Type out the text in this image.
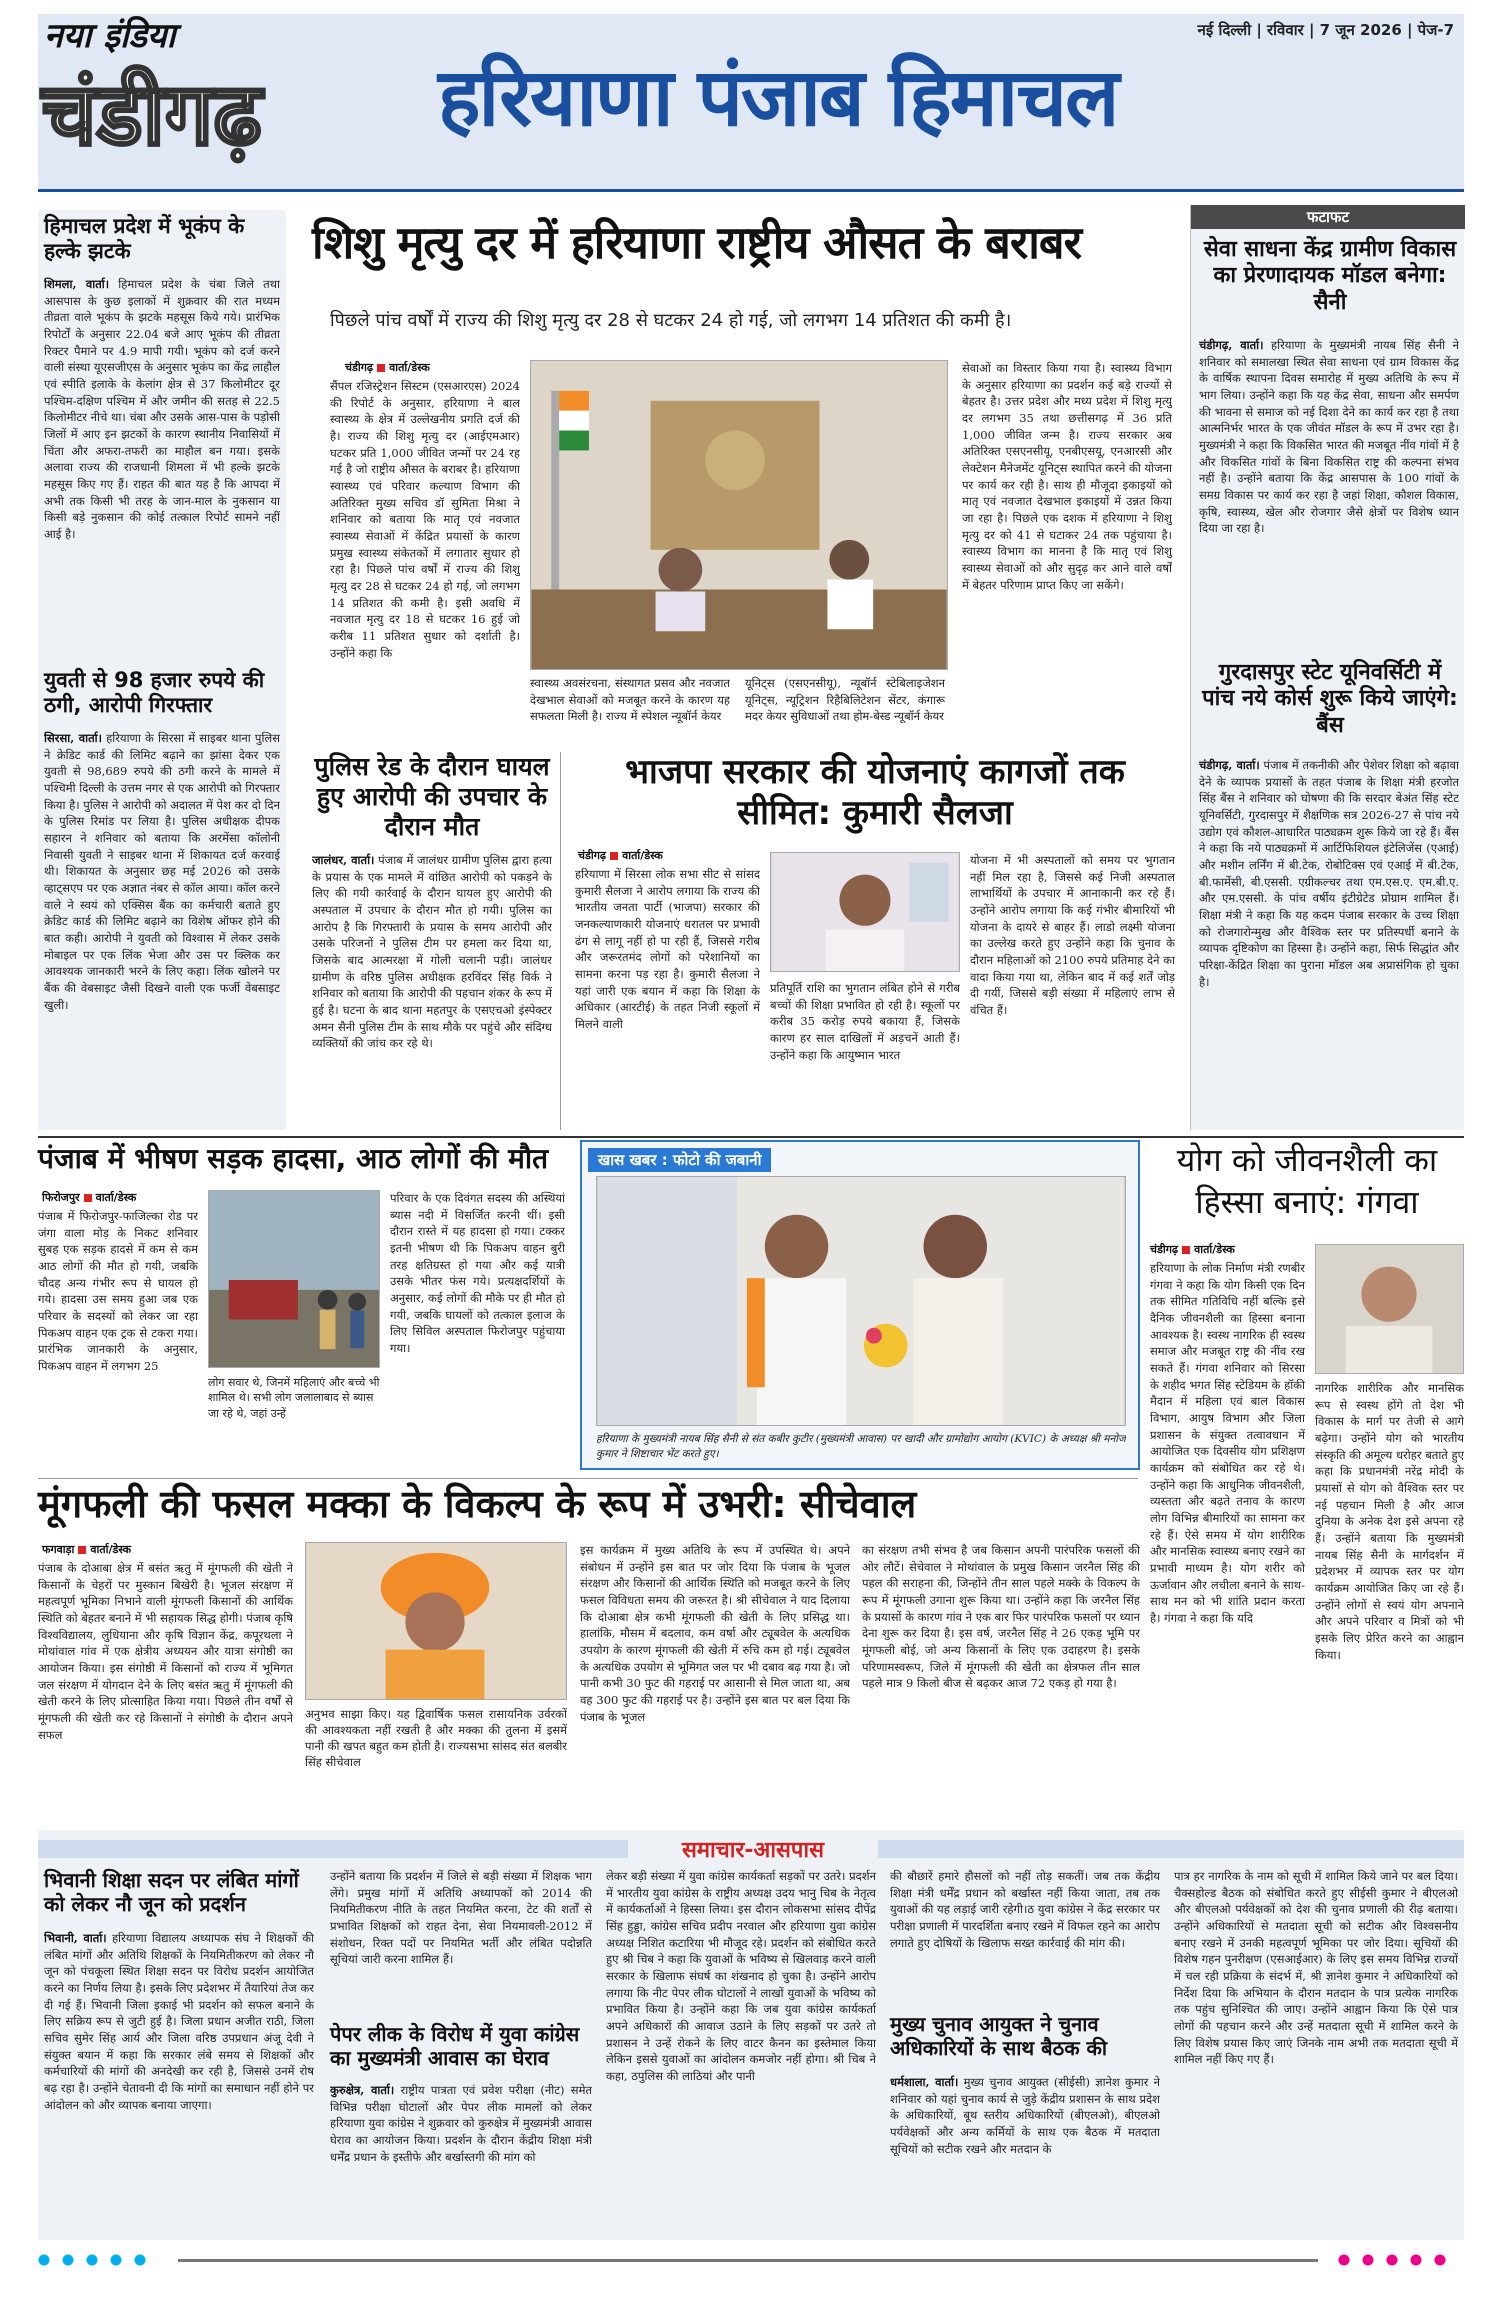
नया इंडिया
चंडीगढ़ हरियाणा पंजाब हिमाचल
नई दिल्ली | रविवार | 7 जून 2026 | पेज-7
हिमाचल प्रदेश में भूकंप के हल्के झटके
शिमला, वार्ता। हिमाचल प्रदेश के चंबा जिले तथा आसपास के कुछ इलाकों में शुक्रवार की रात मध्यम तीव्रता वाले भूकंप के झटके महसूस किये गये। प्रारंभिक रिपोर्टों के अनुसार 22.04 बजे आए भूकंप की तीव्रता रिक्टर पैमाने पर 4.9 मापी गयी। भूकंप को दर्ज करने वाली संस्था यूएसजीएस के अनुसार भूकंप का केंद्र लाहौल एवं स्पीति इलाके के केलांग क्षेत्र से 37 किलोमीटर दूर पश्चिम-दक्षिण पश्चिम में और जमीन की सतह से 22.5 किलोमीटर नीचे था। चंबा और उसके आस-पास के पड़ोसी जिलों में आए इन झटकों के कारण स्थानीय निवासियों में चिंता और अफरा-तफरी का माहौल बन गया। इसके अलावा राज्य की राजधानी शिमला में भी हल्के झटके महसूस किए गए हैं। राहत की बात यह है कि आपदा में अभी तक किसी भी तरह के जान-माल के नुकसान या किसी बड़े नुकसान की कोई तत्काल रिपोर्ट सामने नहीं आई है।
युवती से 98 हजार रुपये की ठगी, आरोपी गिरफ्तार
सिरसा, वार्ता। हरियाणा के सिरसा में साइबर थाना पुलिस ने क्रेडिट कार्ड की लिमिट बढ़ाने का झांसा देकर एक युवती से 98,689 रुपये की ठगी करने के मामले में पश्चिमी दिल्ली के उत्तम नगर से एक आरोपी को गिरफ्तार किया है। पुलिस ने आरोपी को अदालत में पेश कर दो दिन के पुलिस रिमांड पर लिया है। पुलिस अधीक्षक दीपक सहारन ने शनिवार को बताया कि अरमेंसा कॉलोनी निवासी युवती ने साइबर थाना में शिकायत दर्ज करवाई थी। शिकायत के अनुसार छह मई 2026 को उसके व्हाट्सएप पर एक अज्ञात नंबर से कॉल आया। कॉल करने वाले ने स्वयं को एक्सिस बैंक का कर्मचारी बताते हुए क्रेडिट कार्ड की लिमिट बढ़ाने का विशेष ऑफर होने की बात कही। आरोपी ने युवती को विश्वास में लेकर उसके मोबाइल पर एक लिंक भेजा और उस पर क्लिक कर आवश्यक जानकारी भरने के लिए कहा। लिंक खोलने पर बैंक की वेबसाइट जैसी दिखने वाली एक फर्जी वेबसाइट खुली।
शिशु मृत्यु दर में हरियाणा राष्ट्रीय औसत के बराबर
पिछले पांच वर्षों में राज्य की शिशु मृत्यु दर 28 से घटकर 24 हो गई, जो लगभग 14 प्रतिशत की कमी है।
चंडीगढ़ वार्ता/डेस्क
सैंपल रजिस्ट्रेशन सिस्टम (एसआरएस) 2024 की रिपोर्ट के अनुसार, हरियाणा ने बाल स्वास्थ्य के क्षेत्र में उल्लेखनीय प्रगति दर्ज की है। राज्य की शिशु मृत्यु दर (आईएमआर) घटकर प्रति 1,000 जीवित जन्मों पर 24 रह गई है जो राष्ट्रीय औसत के बराबर है। हरियाणा स्वास्थ्य एवं परिवार कल्याण विभाग की अतिरिक्त मुख्य सचिव डॉ सुमिता मिश्रा ने शनिवार को बताया कि मातृ एवं नवजात स्वास्थ्य सेवाओं में केंद्रित प्रयासों के कारण प्रमुख स्वास्थ्य संकेतकों में लगातार सुधार हो रहा है। पिछले पांच वर्षों में राज्य की शिशु मृत्यु दर 28 से घटकर 24 हो गई, जो लगभग 14 प्रतिशत की कमी है। इसी अवधि में नवजात मृत्यु दर 18 से घटकर 16 हुई जो करीब 11 प्रतिशत सुधार को दर्शाती है। उन्होंने कहा कि
स्वास्थ्य अवसंरचना, संस्थागत प्रसव और नवजात देखभाल सेवाओं को मजबूत करने के कारण यह सफलता मिली है। राज्य में स्पेशल न्यूबॉर्न केयर
यूनिट्स (एसएनसीयू), न्यूबॉर्न स्टेबिलाइजेशन यूनिट्स, न्यूट्रिशन रिहैबिलिटेशन सेंटर, कंगारू मदर केयर सुविधाओं तथा होम-बेस्ड न्यूबॉर्न केयर
सेवाओं का विस्तार किया गया है। स्वास्थ्य विभाग के अनुसार हरियाणा का प्रदर्शन कई बड़े राज्यों से बेहतर है। उत्तर प्रदेश और मध्य प्रदेश में शिशु मृत्यु दर लगभग 35 तथा छत्तीसगढ़ में 36 प्रति 1,000 जीवित जन्म है। राज्य सरकार अब अतिरिक्त एसएनसीयू, एनबीएसयू, एनआरसी और लेक्टेशन मैनेजमेंट यूनिट्स स्थापित करने की योजना पर कार्य कर रही है। साथ ही मौजूदा इकाइयों को मातृ एवं नवजात देखभाल इकाइयों में उन्नत किया जा रहा है। पिछले एक दशक में हरियाणा ने शिशु मृत्यु दर को 41 से घटाकर 24 तक पहुंचाया है। स्वास्थ्य विभाग का मानना है कि मातृ एवं शिशु स्वास्थ्य सेवाओं को और सुदृढ़ कर आने वाले वर्षों में बेहतर परिणाम प्राप्त किए जा सकेंगे।
पुलिस रेड के दौरान घायल हुए आरोपी की उपचार के दौरान मौत
जालंधर, वार्ता। पंजाब में जालंधर ग्रामीण पुलिस द्वारा हत्या के प्रयास के एक मामले में वांछित आरोपी को पकड़ने के लिए की गयी कार्रवाई के दौरान घायल हुए आरोपी की अस्पताल में उपचार के दौरान मौत हो गयी। पुलिस का आरोप है कि गिरफ्तारी के प्रयास के समय आरोपी और उसके परिजनों ने पुलिस टीम पर हमला कर दिया था, जिसके बाद आत्मरक्षा में गोली चलानी पड़ी। जालंधर ग्रामीण के वरिष्ठ पुलिस अधीक्षक हरविंदर सिंह विर्क ने शनिवार को बताया कि आरोपी की पहचान शंकर के रूप में हुई है। घटना के बाद थाना महतपुर के एसएचओ इंस्पेक्टर अमन सैनी पुलिस टीम के साथ मौके पर पहुंचे और संदिग्ध व्यक्तियों की जांच कर रहे थे।
भाजपा सरकार की योजनाएं कागजों तक सीमित: कुमारी सैलजा
चंडीगढ़ वार्ता/डेस्क
हरियाणा में सिरसा लोक सभा सीट से सांसद कुमारी सैलजा ने आरोप लगाया कि राज्य की भारतीय जनता पार्टी (भाजपा) सरकार की जनकल्याणकारी योजनाएं धरातल पर प्रभावी ढंग से लागू नहीं हो पा रही हैं, जिससे गरीब और जरूरतमंद लोगों को परेशानियों का सामना करना पड़ रहा है। कुमारी सैलजा ने यहां जारी एक बयान में कहा कि शिक्षा के अधिकार (आरटीई) के तहत निजी स्कूलों में मिलने वाली
प्रतिपूर्ति राशि का भुगतान लंबित होने से गरीब बच्चों की शिक्षा प्रभावित हो रही है। स्कूलों पर करीब 35 करोड़ रुपये बकाया हैं, जिसके कारण हर साल दाखिलों में अड़चनें आती हैं। उन्होंने कहा कि आयुष्मान भारत
योजना में भी अस्पतालों को समय पर भुगतान नहीं मिल रहा है, जिससे कई निजी अस्पताल लाभार्थियों के उपचार में आनाकानी कर रहे हैं। उन्होंने आरोप लगाया कि कई गंभीर बीमारियों भी योजना के दायरे से बाहर हैं। लाडो लक्ष्मी योजना का उल्लेख करते हुए उन्होंने कहा कि चुनाव के दौरान महिलाओं को 2100 रुपये प्रतिमाह देने का वादा किया गया था, लेकिन बाद में कई शर्तें जोड़ दी गयीं, जिससे बड़ी संख्या में महिलाएं लाभ से वंचित हैं।
फटाफट
सेवा साधना केंद्र ग्रामीण विकास का प्रेरणादायक मॉडल बनेगा: सैनी
चंडीगढ़, वार्ता। हरियाणा के मुख्यमंत्री नायब सिंह सैनी ने शनिवार को समालखा स्थित सेवा साधना एवं ग्राम विकास केंद्र के वार्षिक स्थापना दिवस समारोह में मुख्य अतिथि के रूप में भाग लिया। उन्होंने कहा कि यह केंद्र सेवा, साधना और समर्पण की भावना से समाज को नई दिशा देने का कार्य कर रहा है तथा आत्मनिर्भर भारत के एक जीवंत मॉडल के रूप में उभर रहा है। मुख्यमंत्री ने कहा कि विकसित भारत की मजबूत नींव गांवों में है और विकसित गांवों के बिना विकसित राष्ट्र की कल्पना संभव नहीं है। उन्होंने बताया कि केंद्र आसपास के 100 गांवों के समग्र विकास पर कार्य कर रहा है जहां शिक्षा, कौशल विकास, कृषि, स्वास्थ्य, खेल और रोजगार जैसे क्षेत्रों पर विशेष ध्यान दिया जा रहा है।
गुरदासपुर स्टेट यूनिवर्सिटी में पांच नये कोर्स शुरू किये जाएंगे: बैंस
चंडीगढ़, वार्ता। पंजाब में तकनीकी और पेशेवर शिक्षा को बढ़ावा देने के व्यापक प्रयासों के तहत पंजाब के शिक्षा मंत्री हरजोत सिंह बैंस ने शनिवार को घोषणा की कि सरदार बेअंत सिंह स्टेट यूनिवर्सिटी, गुरदासपुर में शैक्षणिक सत्र 2026-27 से पांच नये उद्योग एवं कौशल-आधारित पाठ्यक्रम शुरू किये जा रहे हैं। बैंस ने कहा कि नये पाठ्यक्रमों में आर्टिफिशियल इंटेलिजेंस (एआई) और मशीन लर्निंग में बी.टेक, रोबोटिक्स एवं एआई में बी.टेक, बी.फार्मेसी, बी.एससी. एग्रीकल्चर तथा एम.एस.ए. एम.बी.ए. और एम.एससी. के पांच वर्षीय इंटीग्रेटेड प्रोग्राम शामिल हैं। शिक्षा मंत्री ने कहा कि यह कदम पंजाब सरकार के उच्च शिक्षा को रोजगारोन्मुख और वैश्विक स्तर पर प्रतिस्पर्धी बनाने के व्यापक दृष्टिकोण का हिस्सा है। उन्होंने कहा, सिर्फ सिद्धांत और परिक्षा-केंद्रित शिक्षा का पुराना मॉडल अब अप्रासंगिक हो चुका है।
पंजाब में भीषण सड़क हादसा, आठ लोगों की मौत
फिरोजपुर वार्ता/डेस्क
पंजाब में फिरोजपुर-फाजिल्का रोड पर जंगा वाला मोड़ के निकट शनिवार सुबह एक सड़क हादसे में कम से कम आठ लोगों की मौत हो गयी, जबकि चौदह अन्य गंभीर रूप से घायल हो गये। हादसा उस समय हुआ जब एक परिवार के सदस्यों को लेकर जा रहा पिकअप वाहन एक ट्रक से टकरा गया। प्रारंभिक जानकारी के अनुसार, पिकअप वाहन में लगभग 25
लोग सवार थे, जिनमें महिलाएं और बच्चे भी शामिल थे। सभी लोग जलालाबाद से ब्यास जा रहे थे, जहां उन्हें
परिवार के एक दिवंगत सदस्य की अस्थियां ब्यास नदी में विसर्जित करनी थीं। इसी दौरान रास्ते में यह हादसा हो गया। टक्कर इतनी भीषण थी कि पिकअप वाहन बुरी तरह क्षतिग्रस्त हो गया और कई यात्री उसके भीतर फंस गये। प्रत्यक्षदर्शियों के अनुसार, कई लोगों की मौके पर ही मौत हो गयी, जबकि घायलों को तत्काल इलाज के लिए सिविल अस्पताल फिरोजपुर पहुंचाया गया।
खास खबर : फोटो की जबानी
हरियाणा के मुख्यमंत्री नायब सिंह सैनी से संत कबीर कुटीर (मुख्यमंत्री आवास) पर खादी और ग्रामोद्योग आयोग (KVIC) के अध्यक्ष श्री मनोज कुमार ने शिष्टाचार भेंट करते हुए।
योग को जीवनशैली का हिस्सा बनाएं: गंगवा
चंडीगढ़ वार्ता/डेस्क
हरियाणा के लोक निर्माण मंत्री रणबीर गंगवा ने कहा कि योग किसी एक दिन तक सीमित गतिविधि नहीं बल्कि इसे दैनिक जीवनशैली का हिस्सा बनाना आवश्यक है। स्वस्थ नागरिक ही स्वस्थ समाज और मजबूत राष्ट्र की नींव रख सकते हैं। गंगवा शनिवार को सिरसा के शहीद भगत सिंह स्टेडियम के हॉकी मैदान में महिला एवं बाल विकास विभाग, आयुष विभाग और जिला प्रशासन के संयुक्त तत्वावधान में आयोजित एक दिवसीय योग प्रशिक्षण कार्यक्रम को संबोधित कर रहे थे। उन्होंने कहा कि आधुनिक जीवनशैली, व्यस्तता और बढ़ते तनाव के कारण लोग विभिन्न बीमारियों का सामना कर रहे हैं। ऐसे समय में योग शारीरिक और मानसिक स्वास्थ्य बनाए रखने का प्रभावी माध्यम है। योग शरीर को ऊर्जावान और लचीला बनाने के साथ-साथ मन को भी शांति प्रदान करता है। गंगवा ने कहा कि यदि
नागरिक शारीरिक और मानसिक रूप से स्वस्थ होंगे तो देश भी विकास के मार्ग पर तेजी से आगे बढ़ेगा। उन्होंने योग को भारतीय संस्कृति की अमूल्य धरोहर बताते हुए कहा कि प्रधानमंत्री नरेंद्र मोदी के प्रयासों से योग को वैश्विक स्तर पर नई पहचान मिली है और आज दुनिया के अनेक देश इसे अपना रहे हैं। उन्होंने बताया कि मुख्यमंत्री नायब सिंह सैनी के मार्गदर्शन में प्रदेशभर में व्यापक स्तर पर योग कार्यक्रम आयोजित किए जा रहे हैं। उन्होंने लोगों से स्वयं योग अपनाने और अपने परिवार व मित्रों को भी इसके लिए प्रेरित करने का आह्वान किया।
मूंगफली की फसल मक्का के विकल्प के रूप में उभरी: सीचेवाल
फगवाड़ा वार्ता/डेस्क
पंजाब के दोआबा क्षेत्र में बसंत ऋतु में मूंगफली की खेती ने किसानों के चेहरों पर मुस्कान बिखेरी है। भूजल संरक्षण में महत्वपूर्ण भूमिका निभाने वाली मूंगफली किसानों की आर्थिक स्थिति को बेहतर बनाने में भी सहायक सिद्ध होगी। पंजाब कृषि विश्वविद्यालय, लुधियाना और कृषि विज्ञान केंद्र, कपूरथला ने मोथांवाल गांव में एक क्षेत्रीय अध्ययन और यात्रा संगोष्ठी का आयोजन किया। इस संगोष्ठी में किसानों को राज्य में भूमिगत जल संरक्षण में योगदान देने के लिए बसंत ऋतु में मूंगफली की खेती करने के लिए प्रोत्साहित किया गया। पिछले तीन वर्षों से मूंगफली की खेती कर रहे किसानों ने संगोष्ठी के दौरान अपने सफल
अनुभव साझा किए। यह द्विवार्षिक फसल रासायनिक उर्वरकों की आवश्यकता नहीं रखती है और मक्का की तुलना में इसमें पानी की खपत बहुत कम होती है। राज्यसभा सांसद संत बलबीर सिंह सीचेवाल
इस कार्यक्रम में मुख्य अतिथि के रूप में उपस्थित थे। अपने संबोधन में उन्होंने इस बात पर जोर दिया कि पंजाब के भूजल संरक्षण और किसानों की आर्थिक स्थिति को मजबूत करने के लिए फसल विविधता समय की जरूरत है। श्री सीचेवाल ने याद दिलाया कि दोआबा क्षेत्र कभी मूंगफली की खेती के लिए प्रसिद्ध था। हालांकि, मौसम में बदलाव, कम वर्षा और ट्यूबवेल के अत्यधिक उपयोग के कारण मूंगफली की खेती में रुचि कम हो गई। ट्यूबवेल के अत्यधिक उपयोग से भूमिगत जल पर भी दबाव बढ़ गया है। जो पानी कभी 30 फुट की गहराई पर आसानी से मिल जाता था, अब वह 300 फुट की गहराई पर है। उन्होंने इस बात पर बल दिया कि पंजाब के भूजल
का संरक्षण तभी संभव है जब किसान अपनी पारंपरिक फसलों की ओर लौटें। सेचेवाल ने मोथांवाल के प्रमुख किसान जरनैल सिंह की पहल की सराहना की, जिन्होंने तीन साल पहले मक्के के विकल्प के रूप में मूंगफली उगाना शुरू किया था। उन्होंने कहा कि जरनैल सिंह के प्रयासों के कारण गांव ने एक बार फिर पारंपरिक फसलों पर ध्यान देना शुरू कर दिया है। इस वर्ष, जरनैल सिंह ने 26 एकड़ भूमि पर मूंगफली बोई, जो अन्य किसानों के लिए एक उदाहरण है। इसके परिणामस्वरूप, जिले में मूंगफली की खेती का क्षेत्रफल तीन साल पहले मात्र 9 किलो बीज से बढ़कर आज 72 एकड़ हो गया है।
समाचार-आसपास
भिवानी शिक्षा सदन पर लंबित मांगों को लेकर नौ जून को प्रदर्शन
भिवानी, वार्ता। हरियाणा विद्यालय अध्यापक संघ ने शिक्षकों की लंबित मांगों और अतिथि शिक्षकों के नियमितीकरण को लेकर नौ जून को पंचकूला स्थित शिक्षा सदन पर विरोध प्रदर्शन आयोजित करने का निर्णय लिया है। इसके लिए प्रदेशभर में तैयारियां तेज कर दी गई हैं। भिवानी जिला इकाई भी प्रदर्शन को सफल बनाने के लिए सक्रिय रूप से जुटी हुई है। जिला प्रधान अजीत राठी, जिला सचिव सुमेर सिंह आर्य और जिला वरिष्ठ उपप्रधान अंजू देवी ने संयुक्त बयान में कहा कि सरकार लंबे समय से शिक्षकों और कर्मचारियों की मांगों की अनदेखी कर रही है, जिससे उनमें रोष बढ़ रहा है। उन्होंने चेतावनी दी कि मांगों का समाधान नहीं होने पर आंदोलन को और व्यापक बनाया जाएगा।
उन्होंने बताया कि प्रदर्शन में जिले से बड़ी संख्या में शिक्षक भाग लेंगे। प्रमुख मांगों में अतिथि अध्यापकों को 2014 की नियमितीकरण नीति के तहत नियमित करना, टेट की शर्तों से प्रभावित शिक्षकों को राहत देना, सेवा नियमावली-2012 में संशोधन, रिक्त पदों पर नियमित भर्ती और लंबित पदोन्नति सूचियां जारी करना शामिल हैं।
पेपर लीक के विरोध में युवा कांग्रेस का मुख्यमंत्री आवास का घेराव
कुरुक्षेत्र, वार्ता। राष्ट्रीय पात्रता एवं प्रवेश परीक्षा (नीट) समेत विभिन्न परीक्षा घोटालों और पेपर लीक मामलों को लेकर हरियाणा युवा कांग्रेस ने शुक्रवार को कुरुक्षेत्र में मुख्यमंत्री आवास घेराव का आयोजन किया। प्रदर्शन के दौरान केंद्रीय शिक्षा मंत्री धर्मेंद्र प्रधान के इस्तीफे और बर्खास्तगी की मांग को
लेकर बड़ी संख्या में युवा कांग्रेस कार्यकर्ता सड़कों पर उतरे। प्रदर्शन में भारतीय युवा कांग्रेस के राष्ट्रीय अध्यक्ष उदय भानु चिब के नेतृत्व में कार्यकर्ताओं ने हिस्सा लिया। इस दौरान लोकसभा सांसद दीपेंद्र सिंह हुड्डा, कांग्रेस सचिव प्रदीप नरवाल और हरियाणा युवा कांग्रेस अध्यक्ष निशित कटारिया भी मौजूद रहे। प्रदर्शन को संबोधित करते हुए श्री चिब ने कहा कि युवाओं के भविष्य से खिलवाड़ करने वाली सरकार के खिलाफ संघर्ष का शंखनाद हो चुका है। उन्होंने आरोप लगाया कि नीट पेपर लीक घोटालों ने लाखों युवाओं के भविष्य को प्रभावित किया है। उन्होंने कहा कि जब युवा कांग्रेस कार्यकर्ता अपने अधिकारों की आवाज उठाने के लिए सड़कों पर उतरे तो प्रशासन ने उन्हें रोकने के लिए वाटर कैनन का इस्तेमाल किया लेकिन इससे युवाओं का आंदोलन कमजोर नहीं होगा। श्री चिब ने कहा, ठपुलिस की लाठियां और पानी
की बौछारें हमारे हौसलों को नहीं तोड़ सकतीं। जब तक केंद्रीय शिक्षा मंत्री धर्मेंद्र प्रधान को बर्खास्त नहीं किया जाता, तब तक युवाओं की यह लड़ाई जारी रहेगी।ठ युवा कांग्रेस ने केंद्र सरकार पर परीक्षा प्रणाली में पारदर्शिता बनाए रखने में विफल रहने का आरोप लगाते हुए दोषियों के खिलाफ सख्त कार्रवाई की मांग की।
मुख्य चुनाव आयुक्त ने चुनाव अधिकारियों के साथ बैठक की
धर्मशाला, वार्ता। मुख्य चुनाव आयुक्त (सीईसी) ज्ञानेश कुमार ने शनिवार को यहां चुनाव कार्य से जुड़े केंद्रीय प्रशासन के साथ प्रदेश के अधिकारियों, बूथ स्तरीय अधिकारियों (बीएलओ), बीएलओ पर्यवेक्षकों और अन्य कर्मियों के साथ एक बैठक में मतदाता सूचियों को सटीक रखने और मतदान के
पात्र हर नागरिक के नाम को सूची में शामिल किये जाने पर बल दिया। चैक्सहोल्ड बैठक को संबोधित करते हुए सीईसी कुमार ने बीएलओ और बीएलओ पर्यवेक्षकों को देश की चुनाव प्रणाली की रीढ़ बताया। उन्होंने अधिकारियों से मतदाता सूची को सटीक और विश्वसनीय बनाए रखने में उनकी महत्वपूर्ण भूमिका पर जोर दिया। सूचियों की विशेष गहन पुनरीक्षण (एसआईआर) के लिए इस समय विभिन्न राज्यों में चल रही प्रक्रिया के संदर्भ में, श्री ज्ञानेश कुमार ने अधिकारियों को निर्देश दिया कि अभियान के दौरान मतदान के पात्र प्रत्येक नागरिक तक पहुंच सुनिश्चित की जाए। उन्होंने आह्वान किया कि ऐसे पात्र लोगों की पहचान करने और उन्हें मतदाता सूची में शामिल करने के लिए विशेष प्रयास किए जाएं जिनके नाम अभी तक मतदाता सूची में शामिल नहीं किए गए हैं।
